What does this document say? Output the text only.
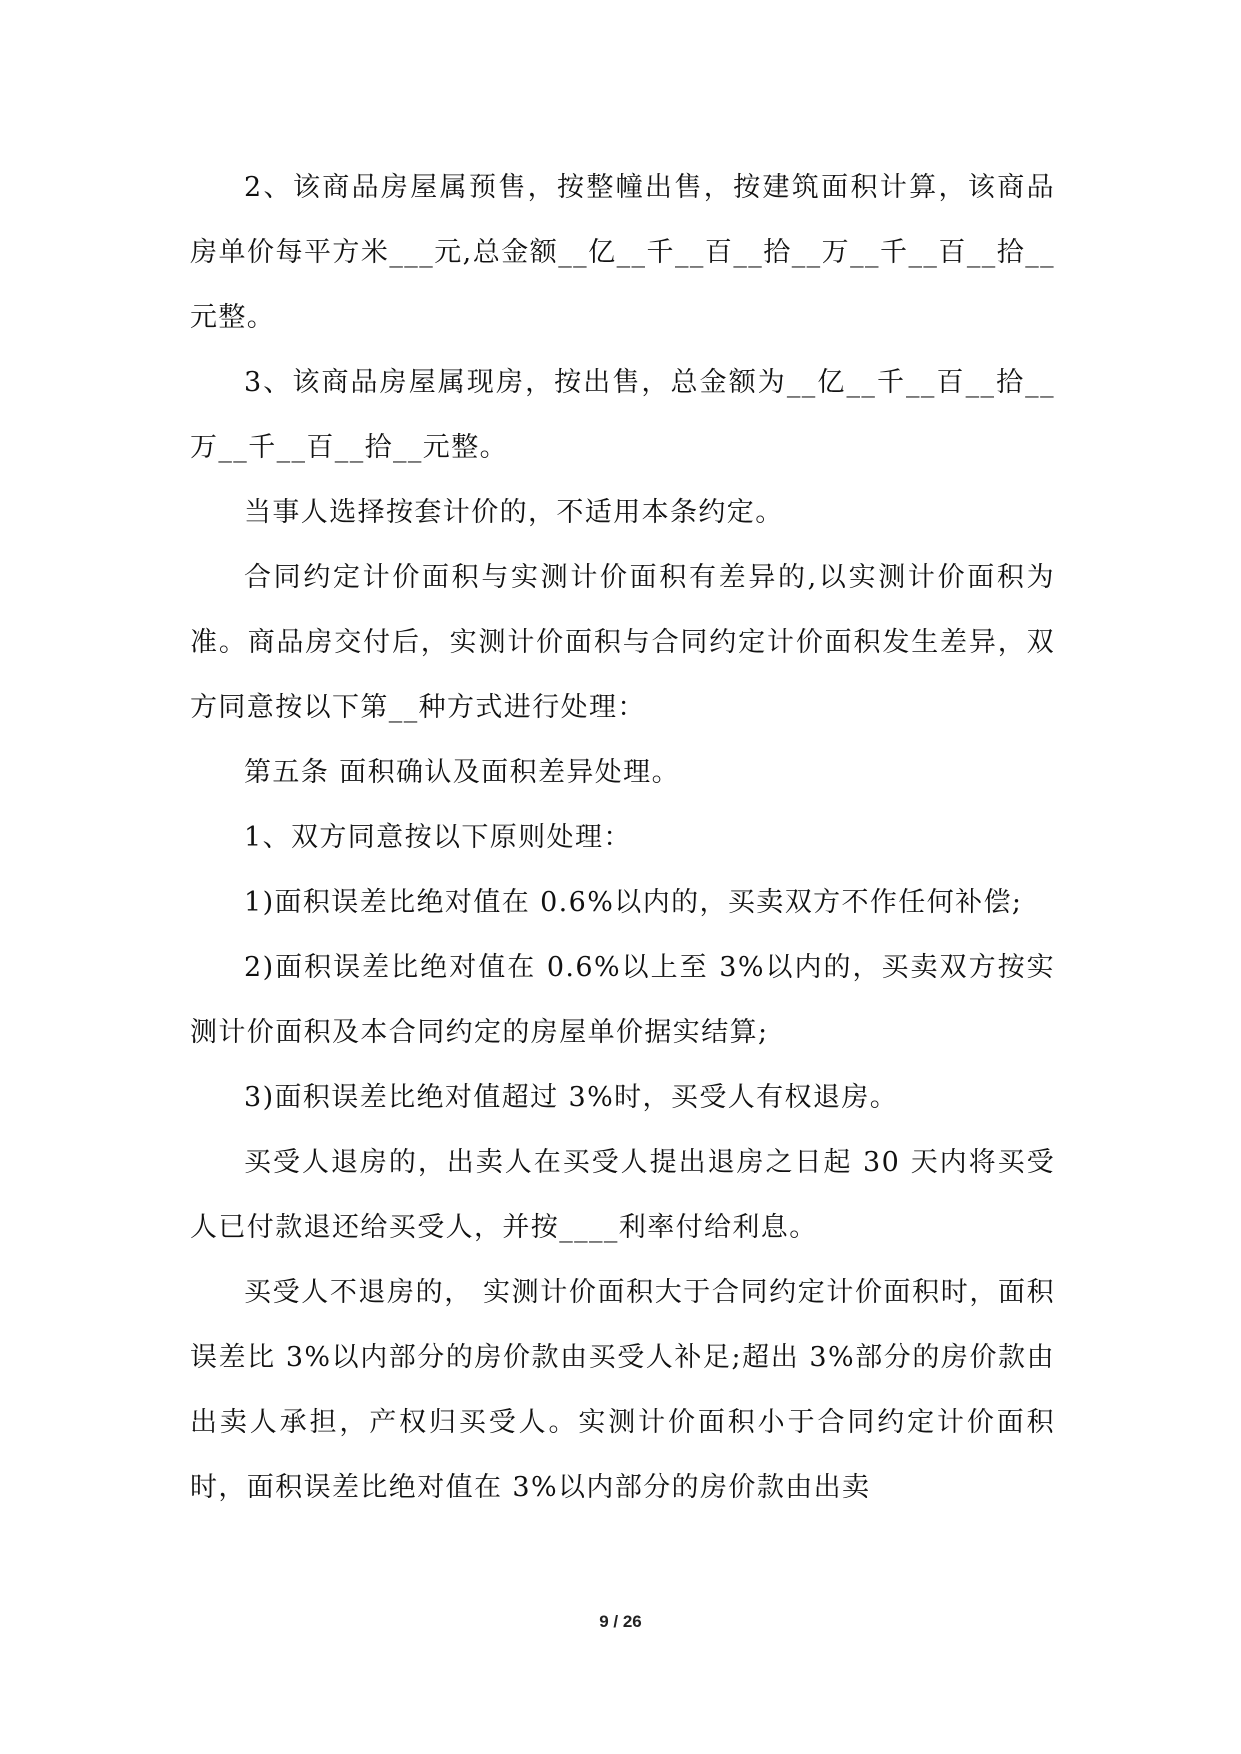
2、该商品房屋属预售，按整幢出售，按建筑面积计算，该商品房单价每平方米___元,总金额__亿__千__百__拾__万__千__百__拾__元整。

3、该商品房屋属现房，按出售，总金额为__亿__千__百__拾__万__千__百__拾__元整。

当事人选择按套计价的，不适用本条约定。

合同约定计价面积与实测计价面积有差异的,以实测计价面积为准。商品房交付后，实测计价面积与合同约定计价面积发生差异，双方同意按以下第__种方式进行处理：

第五条 面积确认及面积差异处理。

1、双方同意按以下原则处理：

1)面积误差比绝对值在 0.6%以内的，买卖双方不作任何补偿;

2)面积误差比绝对值在 0.6%以上至 3%以内的，买卖双方按实测计价面积及本合同约定的房屋单价据实结算;

3)面积误差比绝对值超过 3%时，买受人有权退房。

买受人退房的，出卖人在买受人提出退房之日起 30 天内将买受人已付款退还给买受人，并按____利率付给利息。

买受人不退房的， 实测计价面积大于合同约定计价面积时，面积误差比 3%以内部分的房价款由买受人补足;超出 3%部分的房价款由出卖人承担，产权归买受人。实测计价面积小于合同约定计价面积时，面积误差比绝对值在 3%以内部分的房价款由出卖

9 / 26
